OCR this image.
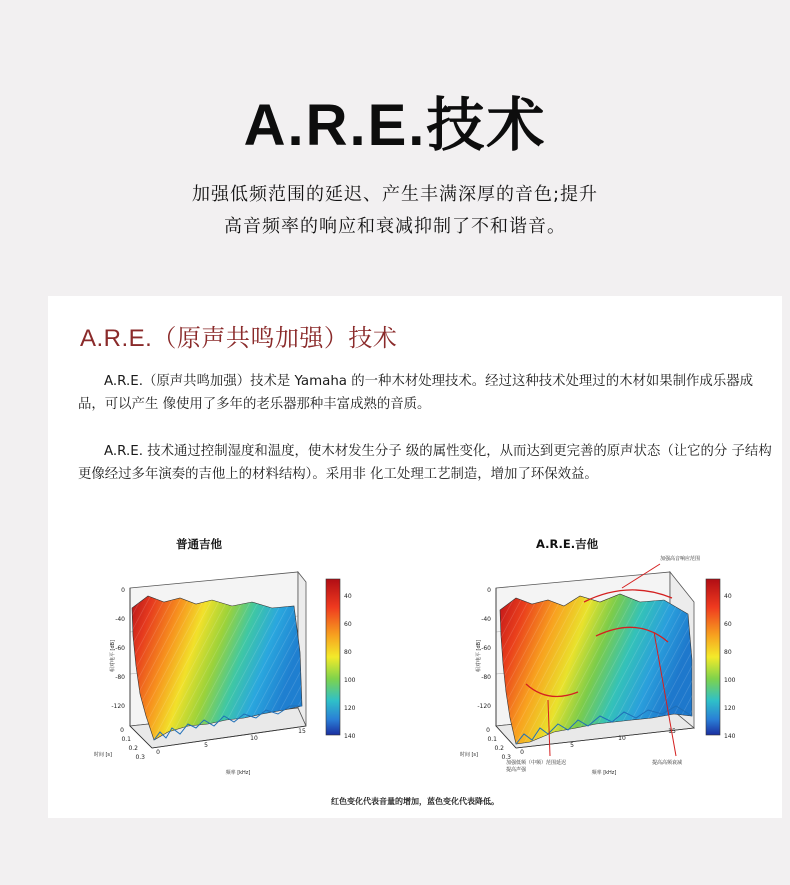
A.R.E.技术
加强低频范围的延迟、产生丰满深厚的音色;提升
高音频率的响应和衰减抑制了不和谐音。
A.R.E.（原声共鸣加强）技术
A.R.E.（原声共鸣加强）技术是 Yamaha 的一种木材处理技术。经过这种技术处理过的木材如果制作成乐器成品，可以产生 像使用了多年的老乐器那种丰富成熟的音质。
A.R.E. 技术通过控制湿度和温度，使木材发生分子 级的属性变化，从而达到更完善的原声状态（让它的分 子结构更像经过多年演奏的吉他上的材料结构）。采用非 化工处理工艺制造，增加了环保效益。
普通吉他	A.R.E.吉他
0
-40
-60
-80
-120
0
0.1
0.2
0.3
0
5
10
15
40
60
80
100
120
140
相对电平 [dB]
时间 [s]
频率 [kHz]
0
-40
-60
-80
-120
0
0.1
0.2
0.3
0
5
10
15
40
60
80
100
120
140
相对电平 [dB]
时间 [s]
频率 [kHz]
加强高音响应范围
加强低频（中频）范围延迟
提高声强
提高高频衰减
红色变化代表音量的增加，蓝色变化代表降低。
